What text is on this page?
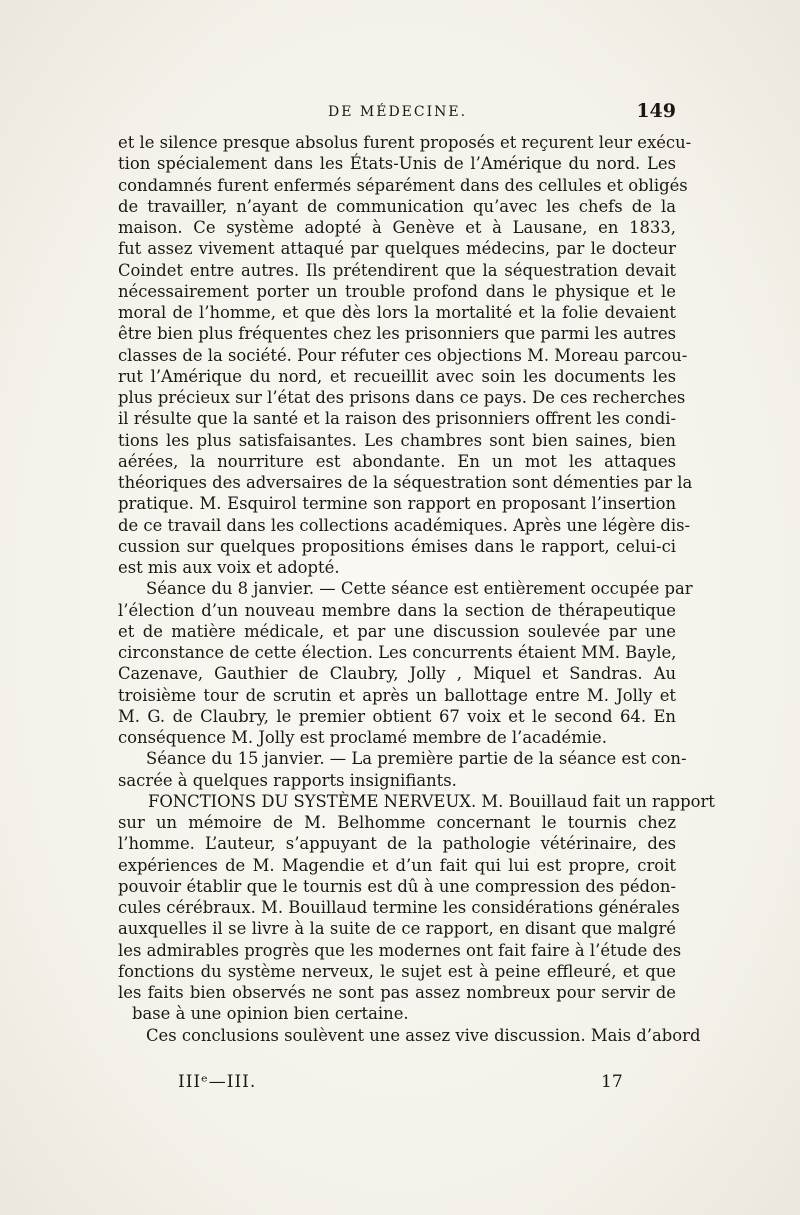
DE MÉDECINE.	149
et le silence presque absolus furent proposés et reçurent leur exécu-
tion spécialement dans les États-Unis de l’Amérique du nord. Les
condamnés furent enfermés séparément dans des cellules et obligés
de travailler, n’ayant de communication qu’avec les chefs de la
maison. Ce système adopté à Genève et à Lausane, en 1833,
fut assez vivement attaqué par quelques médecins, par le docteur
Coindet entre autres. Ils prétendirent que la séquestration devait
nécessairement porter un trouble profond dans le physique et le
moral de l’homme, et que dès lors la mortalité et la folie devaient
être bien plus fréquentes chez les prisonniers que parmi les autres
classes de la société. Pour réfuter ces objections M. Moreau parcou-
rut l’Amérique du nord, et recueillit avec soin les documents les
plus précieux sur l’état des prisons dans ce pays. De ces recherches
il résulte que la santé et la raison des prisonniers offrent les condi-
tions les plus satisfaisantes. Les chambres sont bien saines, bien
aérées, la nourriture est abondante. En un mot les attaques
théoriques des adversaires de la séquestration sont démenties par la
pratique. M. Esquirol termine son rapport en proposant l’insertion
de ce travail dans les collections académiques. Après une légère dis-
cussion sur quelques propositions émises dans le rapport, celui-ci
est mis aux voix et adopté.
Séance du 8 janvier. — Cette séance est entièrement occupée par
l’élection d’un nouveau membre dans la section de thérapeutique
et de matière médicale, et par une discussion soulevée par une
circonstance de cette élection. Les concurrents étaient MM. Bayle,
Cazenave, Gauthier de Claubry, Jolly , Miquel et Sandras. Au
troisième tour de scrutin et après un ballottage entre M. Jolly et
M. G. de Claubry, le premier obtient 67 voix et le second 64. En
conséquence M. Jolly est proclamé membre de l’académie.
Séance du 15 janvier. — La première partie de la séance est con-
sacrée à quelques rapports insignifiants.
FONCTIONS DU SYSTÈME NERVEUX. M. Bouillaud fait un rapport
sur un mémoire de M. Belhomme concernant le tournis chez
l’homme. L’auteur, s’appuyant de la pathologie vétérinaire, des
expériences de M. Magendie et d’un fait qui lui est propre, croit
pouvoir établir que le tournis est dû à une compression des pédon-
cules cérébraux. M. Bouillaud termine les considérations générales
auxquelles il se livre à la suite de ce rapport, en disant que malgré
les admirables progrès que les modernes ont fait faire à l’étude des
fonctions du système nerveux, le sujet est à peine effleuré, et que
les faits bien observés ne sont pas assez nombreux pour servir de
base à une opinion bien certaine.
Ces conclusions soulèvent une assez vive discussion. Mais d’abord
IIIᵉ—III.	17
